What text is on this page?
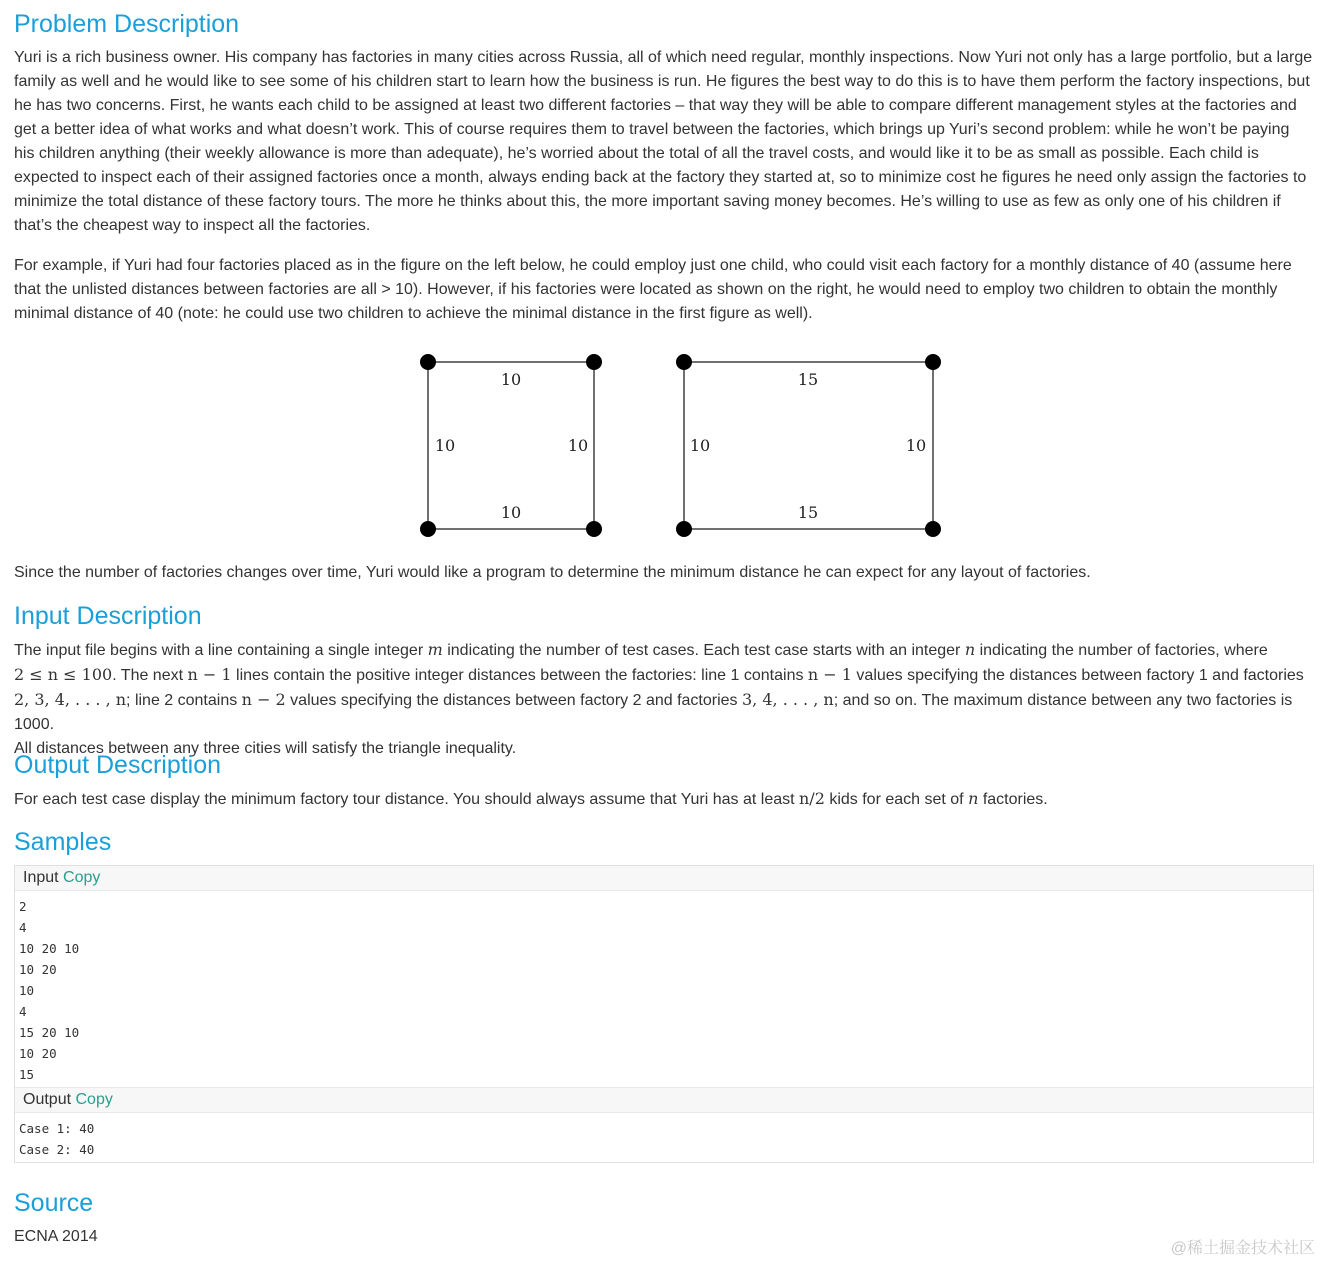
Problem Description

Yuri is a rich business owner. His company has factories in many cities across Russia, all of which need regular, monthly inspections. Now Yuri not only has a large portfolio, but a large family as well and he would like to see some of his children start to learn how the business is run. He figures the best way to do this is to have them perform the factory inspections, but he has two concerns. First, he wants each child to be assigned at least two different factories – that way they will be able to compare different management styles at the factories and get a better idea of what works and what doesn’t work. This of course requires them to travel between the factories, which brings up Yuri’s second problem: while he won’t be paying his children anything (their weekly allowance is more than adequate), he’s worried about the total of all the travel costs, and would like it to be as small as possible. Each child is expected to inspect each of their assigned factories once a month, always ending back at the factory they started at, so to minimize cost he figures he need only assign the factories to minimize the total distance of these factory tours. The more he thinks about this, the more important saving money becomes. He’s willing to use as few as only one of his children if that’s the cheapest way to inspect all the factories.

For example, if Yuri had four factories placed as in the figure on the left below, he could employ just one child, who could visit each factory for a monthly distance of 40 (assume here that the unlisted distances between factories are all > 10). However, if his factories were located as shown on the right, he would need to employ two children to obtain the monthly minimal distance of 40 (note: he could use two children to achieve the minimal distance in the first figure as well).

10
10
10	10
15
15
10	10

Since the number of factories changes over time, Yuri would like a program to determine the minimum distance he can expect for any layout of factories.

Input Description

The input file begins with a line containing a single integer m indicating the number of test cases. Each test case starts with an integer n indicating the number of factories, where
2 ≤ n ≤ 100. The next n − 1 lines contain the positive integer distances between the factories: line 1 contains n − 1 values specifying the distances between factory 1 and factories
2, 3, 4, . . . , n; line 2 contains n − 2 values specifying the distances between factory 2 and factories 3, 4, . . . , n; and so on. The maximum distance between any two factories is 1000.
All distances between any three cities will satisfy the triangle inequality.

Output Description

For each test case display the minimum factory tour distance. You should always assume that Yuri has at least n/2 kids for each set of n factories.

Samples
Input Copy
2
4
10 20 10
10 20
10
4
15 20 10
10 20
15
Output Copy
Case 1: 40
Case 2: 40
Source

ECNA 2014

@稀土掘金技术社区
